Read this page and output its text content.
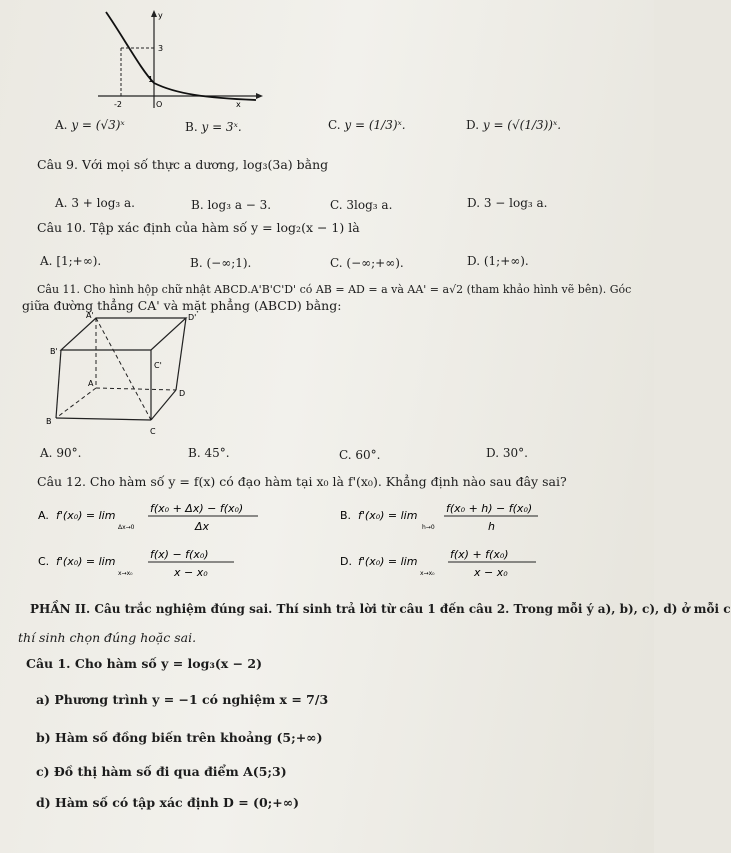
y
3
1
-2	O	x
A. y = (√3)ˣ	B. y = 3ˣ.	C. y = (1/3)ˣ.	D. y = (√(1/3))ˣ.
Câu 9. Với mọi số thực a dương, log₃(3a) bằng
A. 3 + log₃ a.	B. log₃ a − 3.	C. 3log₃ a.	D. 3 − log₃ a.
Câu 10. Tập xác định của hàm số y = log₂(x − 1) là
A. [1;+∞).	B. (−∞;1).	C. (−∞;+∞).	D. (1;+∞).
Câu 11. Cho hình hộp chữ nhật ABCD.A'B'C'D' có AB = AD = a và AA' = a√2 (tham khảo hình vẽ bên). Góc
giữa đường thẳng CA' và mặt phẳng (ABCD) bằng:
A'	D'
B'
C'
A
D
B
C
A. 90°.	B. 45°.	C. 60°.	D. 30°.
Câu 12. Cho hàm số y = f(x) có đạo hàm tại x₀ là f'(x₀). Khẳng định nào sau đây sai?
A. f'(x₀) = lim
Δx→0
f(x₀ + Δx) − f(x₀)
Δx
B. f'(x₀) = lim
h→0
f(x₀ + h) − f(x₀)
h
C. f'(x₀) = lim
x→x₀
f(x) − f(x₀)
x − x₀
D. f'(x₀) = lim
x→x₀
f(x) + f(x₀)
x − x₀
PHẦN II. Câu trắc nghiệm đúng sai. Thí sinh trả lời từ câu 1 đến câu 2. Trong mỗi ý a), b), c), d) ở mỗi c
thí sinh chọn đúng hoặc sai.
Câu 1. Cho hàm số y = log₃(x − 2)
a) Phương trình y = −1 có nghiệm x = 7/3
b) Hàm số đồng biến trên khoảng (5;+∞)
c) Đồ thị hàm số đi qua điểm A(5;3)
d) Hàm số có tập xác định D = (0;+∞)
